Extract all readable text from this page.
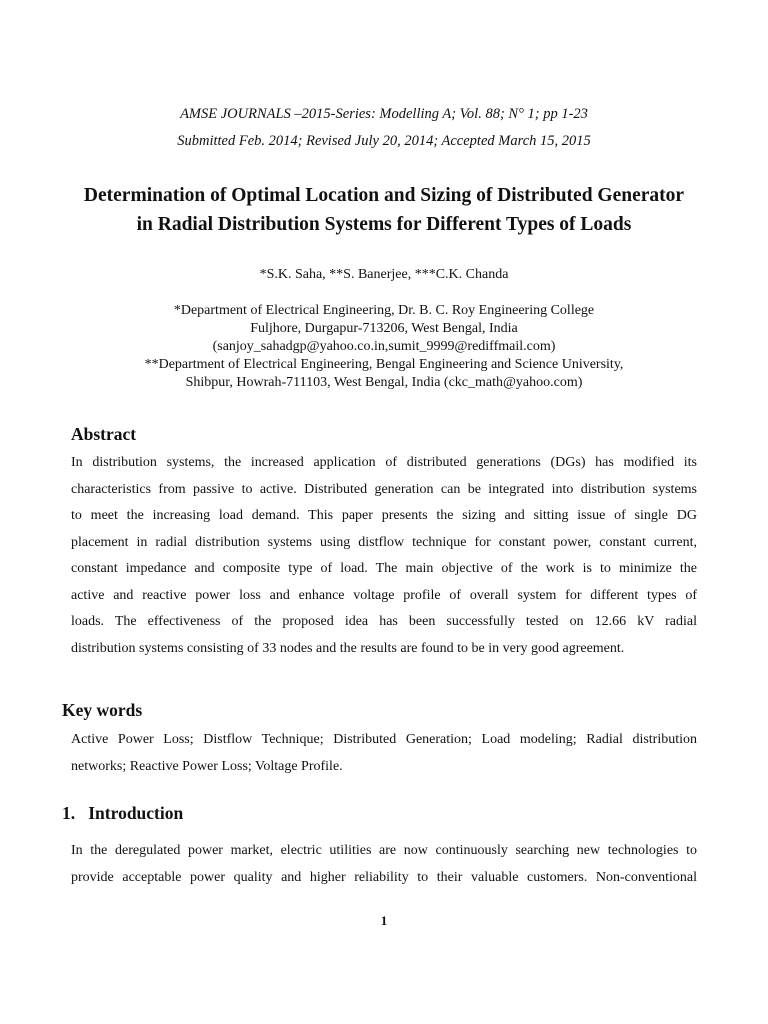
AMSE JOURNALS –2015-Series: Modelling A; Vol. 88; N° 1; pp 1-23
Submitted Feb. 2014; Revised July 20, 2014; Accepted March 15, 2015
Determination of Optimal Location and Sizing of Distributed Generator
in Radial Distribution Systems for Different Types of Loads
*S.K. Saha, **S. Banerjee, ***C.K. Chanda
*Department of Electrical Engineering, Dr. B. C. Roy Engineering College
Fuljhore, Durgapur-713206, West Bengal, India
(sanjoy_sahadgp@yahoo.co.in,sumit_9999@rediffmail.com)
**Department of Electrical Engineering, Bengal Engineering and Science University,
Shibpur, Howrah-711103, West Bengal, India (ckc_math@yahoo.com)
Abstract
In distribution systems, the increased application of distributed generations (DGs) has modified its
characteristics from passive to active. Distributed generation can be integrated into distribution systems
to meet the increasing load demand. This paper presents the sizing and sitting issue of single DG
placement in radial distribution systems using distflow technique for constant power, constant current,
constant impedance and composite type of load. The main objective of the work is to minimize the
active and reactive power loss and enhance voltage profile of overall system for different types of
loads. The effectiveness of the proposed idea has been successfully tested on 12.66 kV radial
distribution systems consisting of 33 nodes and the results are found to be in very good agreement.
Key words
Active Power Loss; Distflow Technique; Distributed Generation; Load modeling; Radial distribution
networks; Reactive Power Loss; Voltage Profile.
1.   Introduction
In the deregulated power market, electric utilities are now continuously searching new technologies to
provide acceptable power quality and higher reliability to their valuable customers. Non-conventional
1
